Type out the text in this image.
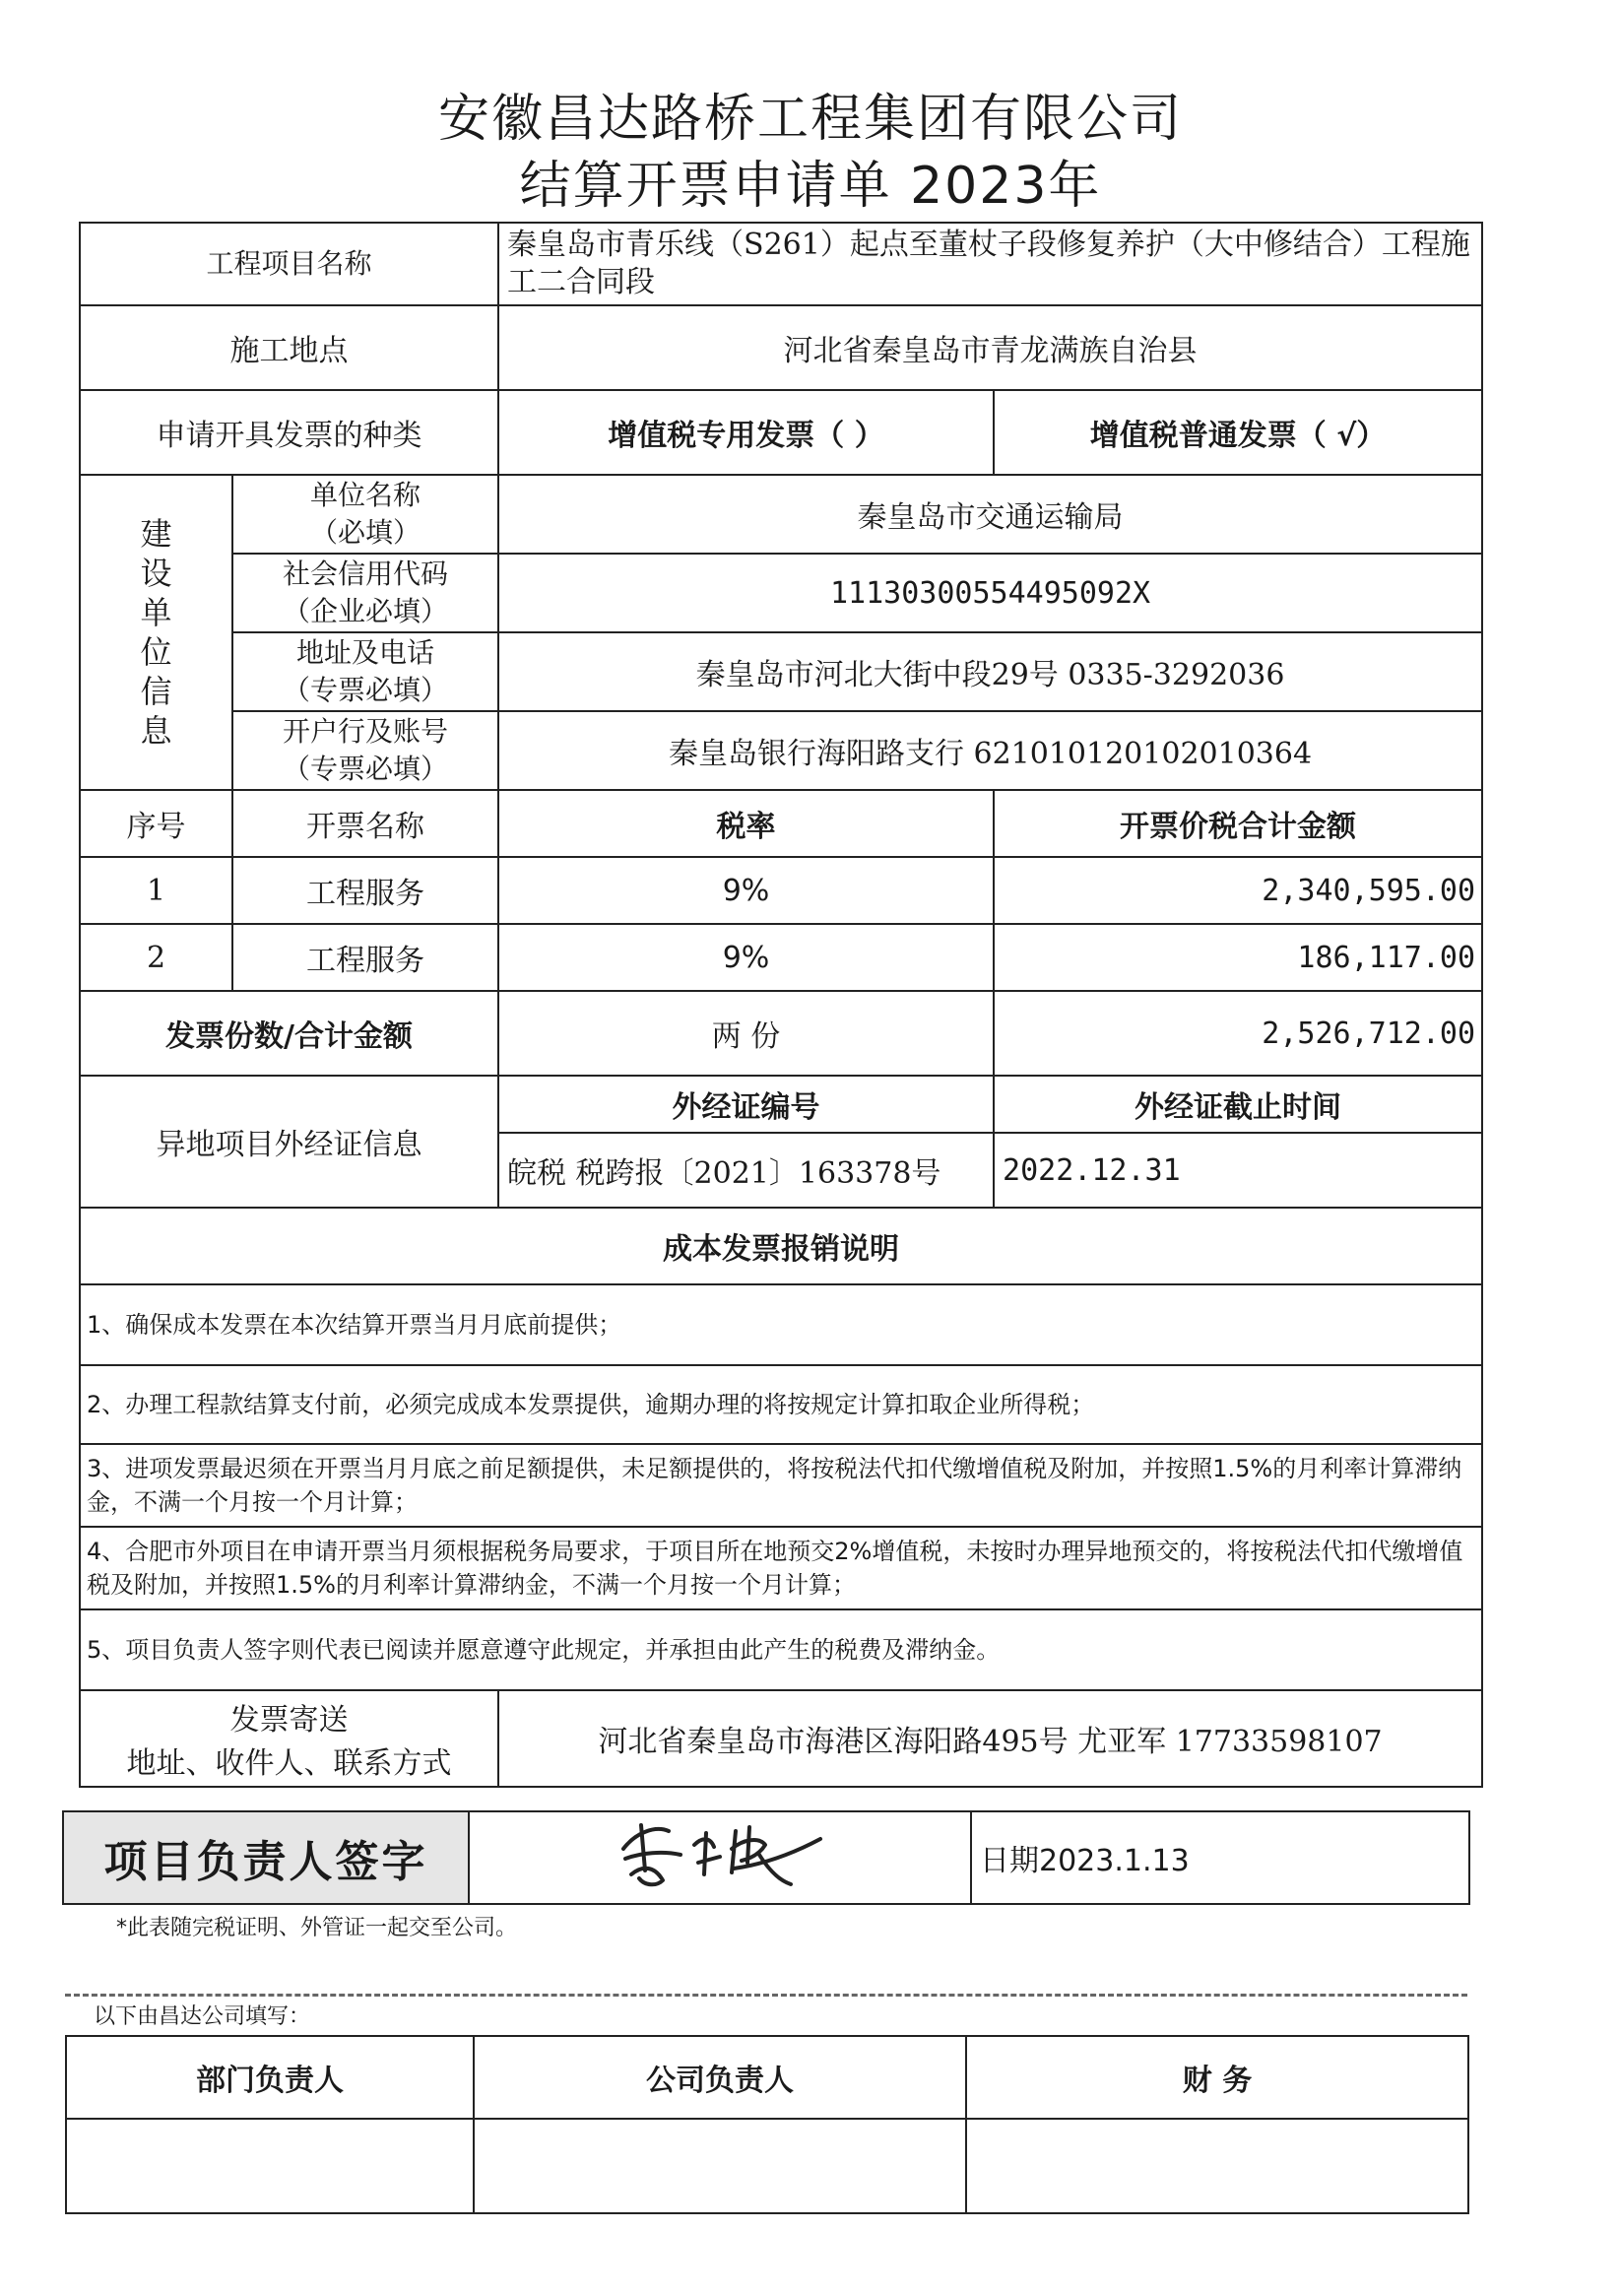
安徽昌达路桥工程集团有限公司
结算开票申请单 2023年
工程项目名称		秦皇岛市青乐线（S261）起点至董杖子段修复养护（大中修结合）工程施工二合同段	
施工地点		河北省秦皇岛市青龙满族自治县	
申请开具发票的种类		增值税专用发票（ ）	增值税普通发票（ √）

建设单位信息	单位名称
（必填）	秦皇岛市交通运输局	

	社会信用代码
（企业必填）	11130300554495092X	

	地址及电话
（专票必填）	秦皇岛市河北大街中段29号 0335-3292036	

	开户行及账号
（专票必填）	秦皇岛银行海阳路支行 621010120102010364	
序号	开票名称	税率	开票价税合计金额
1	工程服务	9%	2,340,595.00
2	工程服务	9%	186,117.00
发票份数/合计金额		两 份	2,526,712.00
异地项目外经证信息		外经证编号	外经证截止时间
		皖税 税跨报〔2021〕163378号	2022.12.31
成本发票报销说明			
1、确保成本发票在本次结算开票当月月底前提供；			
2、办理工程款结算支付前，必须完成成本发票提供，逾期办理的将按规定计算扣取企业所得税；			
3、进项发票最迟须在开票当月月底之前足额提供，未足额提供的，将按税法代扣代缴增值税及附加，并按照1.5%的月利率计算滞纳金，不满一个月按一个月计算；			
4、合肥市外项目在申请开票当月须根据税务局要求，于项目所在地预交2%增值税，未按时办理异地预交的，将按税法代扣代缴增值税及附加，并按照1.5%的月利率计算滞纳金，不满一个月按一个月计算；			
5、项目负责人签字则代表已阅读并愿意遵守此规定，并承担由此产生的税费及滞纳金。			

发票寄送
地址、收件人、联系方式		河北省秦皇岛市海港区海阳路495号 尤亚军 17733598107	
项目负责人签字		日期2023.1.13
*此表随完税证明、外管证一起交至公司。
以下由昌达公司填写：
部门负责人	公司负责人	财 务
